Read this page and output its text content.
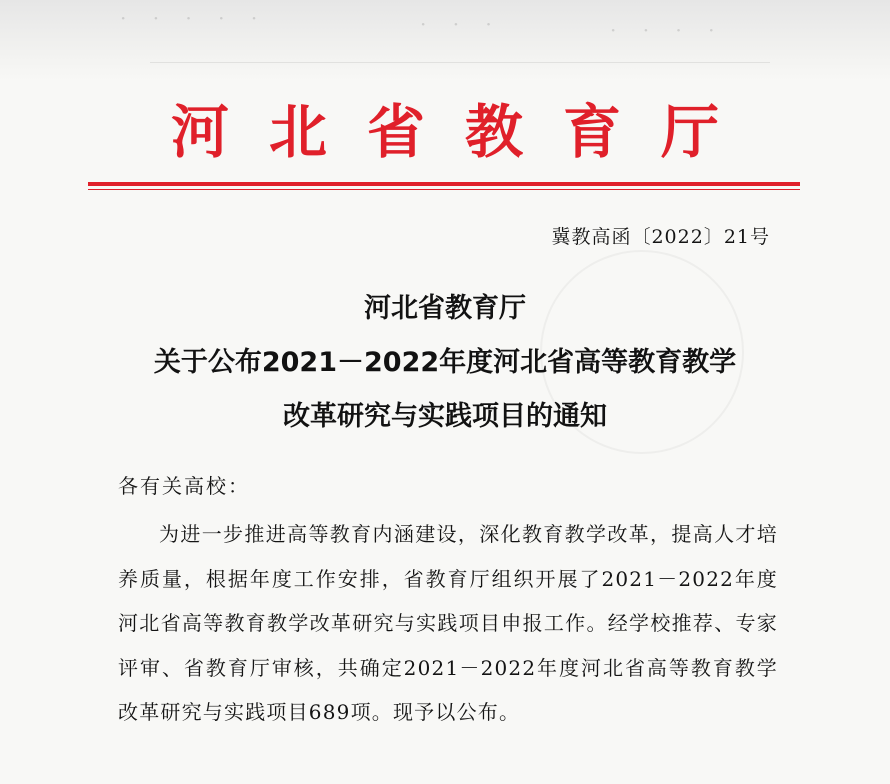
· · · · ·	· · ·	· · · ·
河北省教育厅
冀教高函〔2022〕21号
河北省教育厅
关于公布2021－2022年度河北省高等教育教学
改革研究与实践项目的通知
各有关高校：

为进一步推进高等教育内涵建设，深化教育教学改革，提高人才培养质量，根据年度工作安排，省教育厅组织开展了2021－2022年度河北省高等教育教学改革研究与实践项目申报工作。经学校推荐、专家评审、省教育厅审核，共确定2021－2022年度河北省高等教育教学改革研究与实践项目689项。现予以公布。
